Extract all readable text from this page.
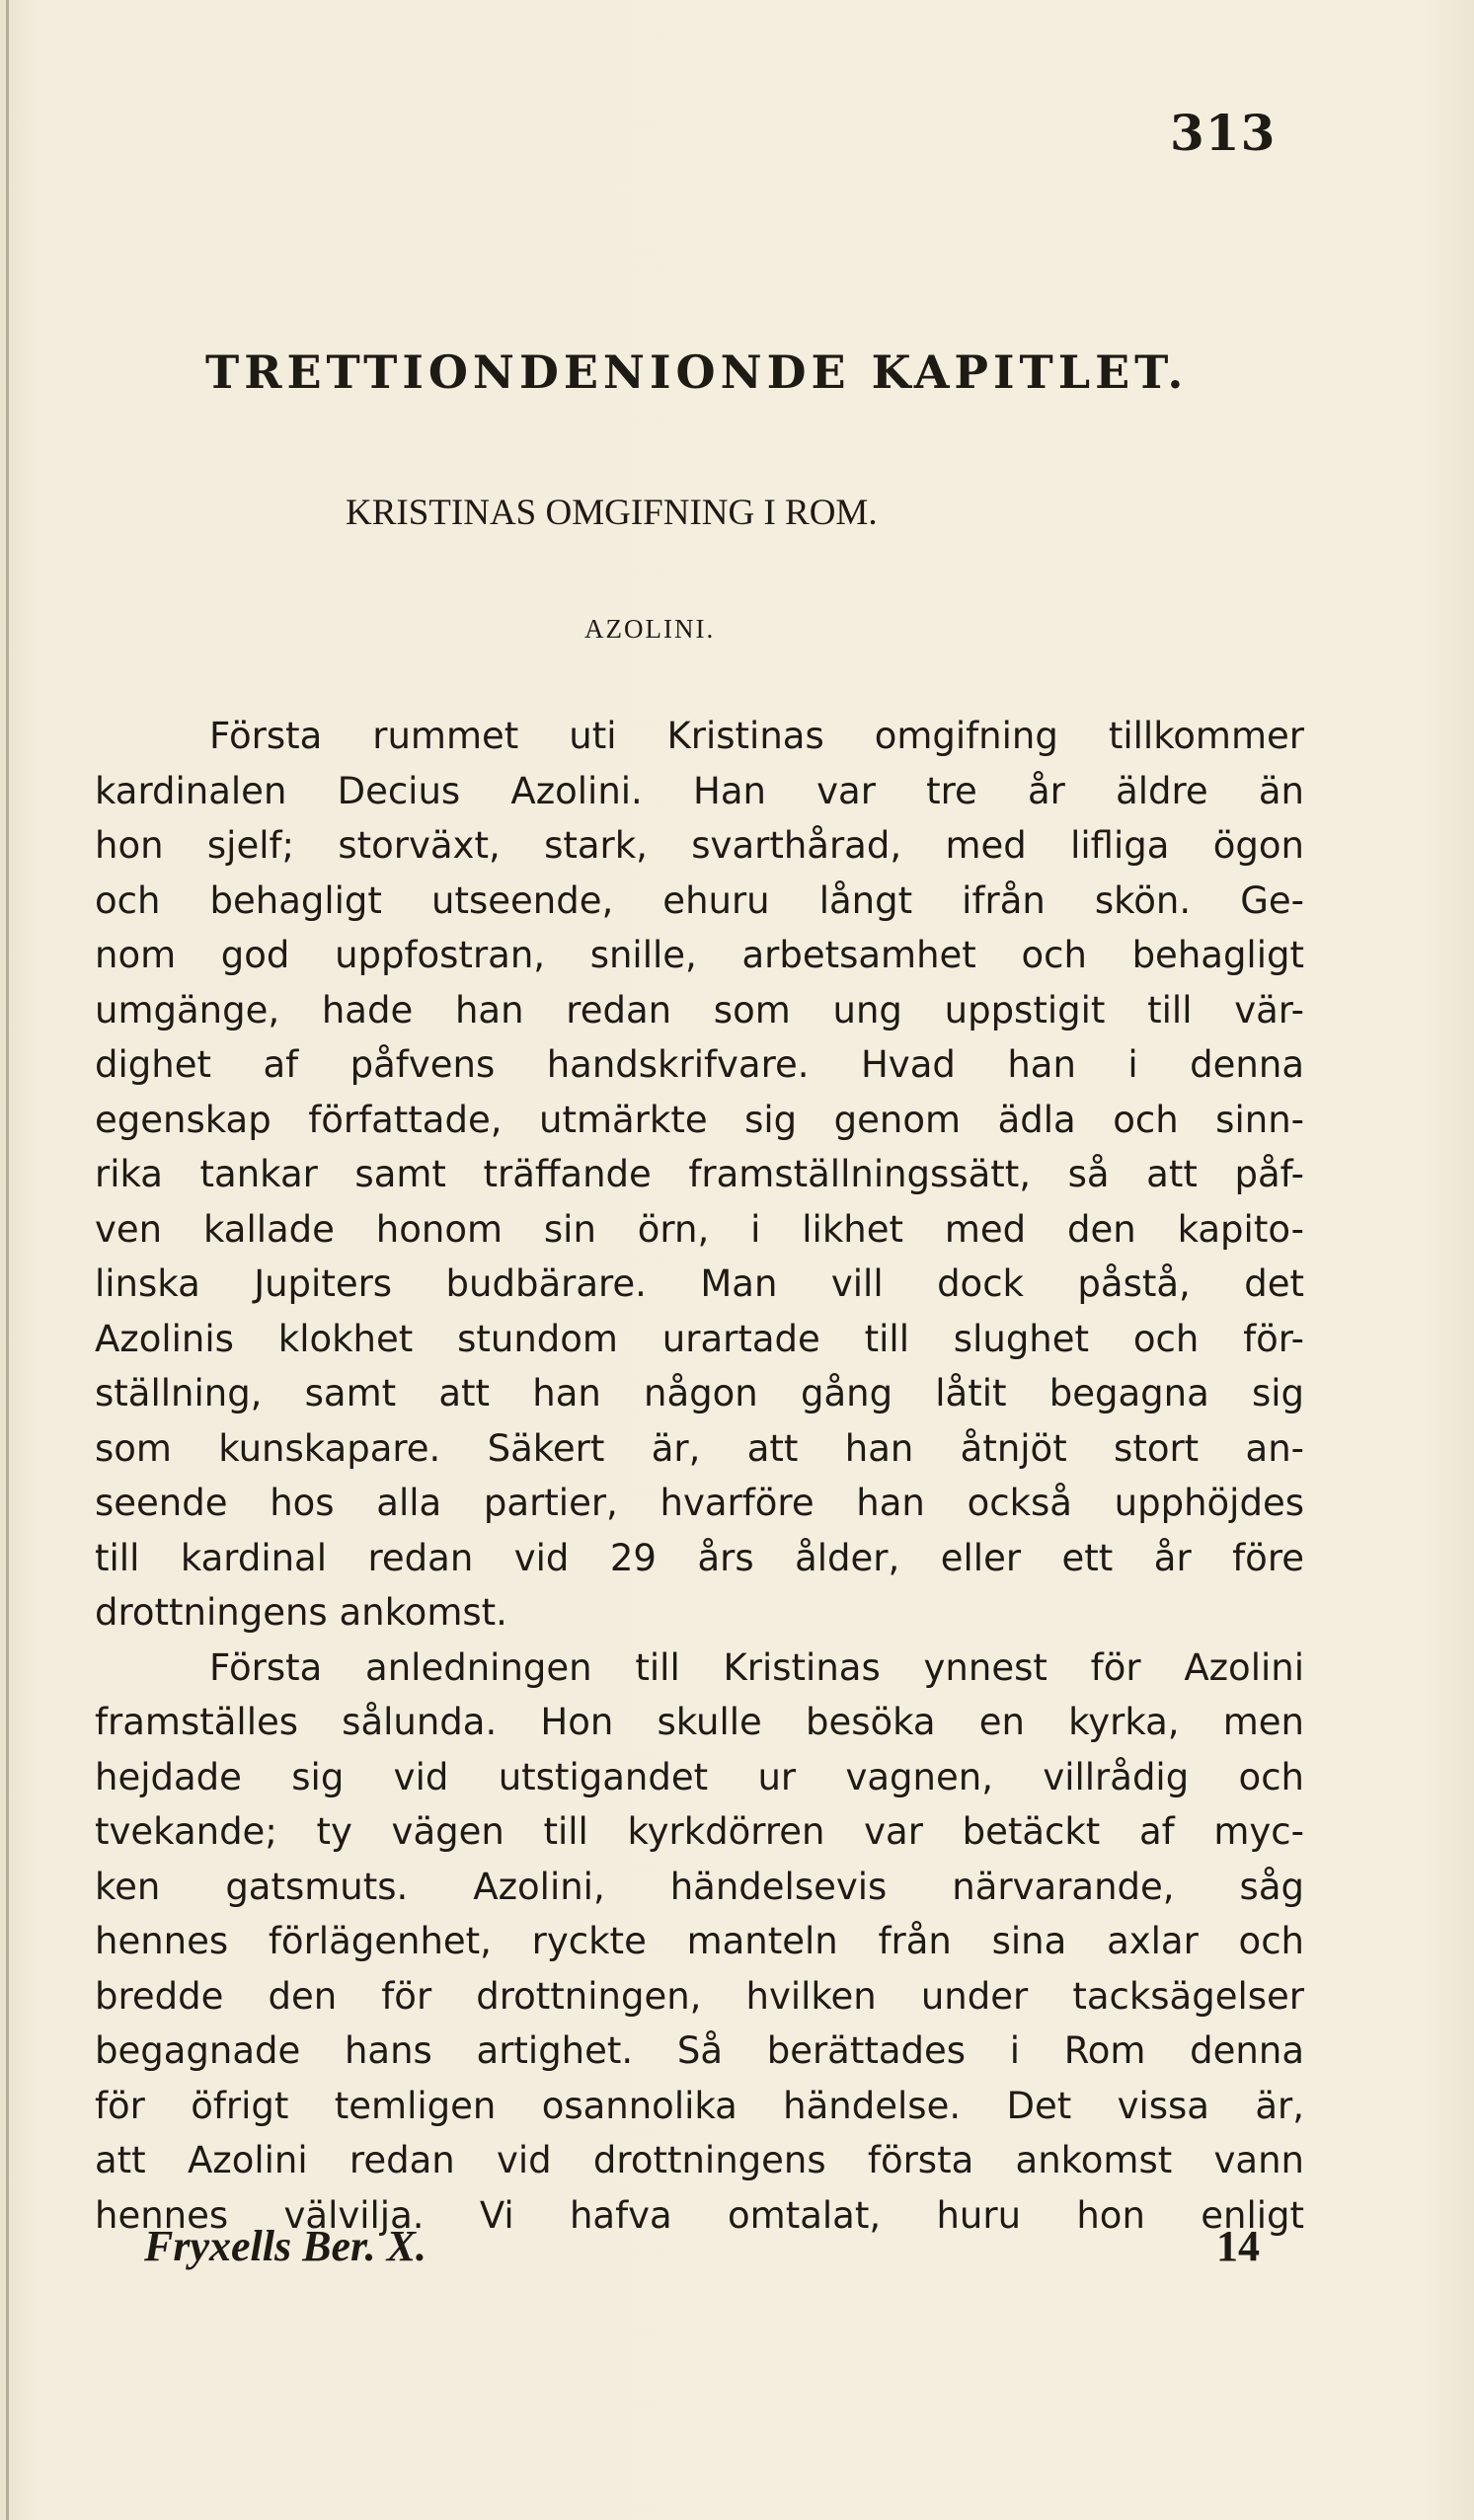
313
TRETTIONDENIONDE KAPITLET.
KRISTINAS OMGIFNING I ROM.
AZOLINI.
Första rummet uti Kristinas omgifning tillkommer
kardinalen Decius Azolini. Han var tre år äldre än
hon sjelf; storväxt, stark, svarthårad, med lifliga ögon
och behagligt utseende, ehuru långt ifrån skön. Ge-
nom god uppfostran, snille, arbetsamhet och behagligt
umgänge, hade han redan som ung uppstigit till vär-
dighet af påfvens handskrifvare. Hvad han i denna
egenskap författade, utmärkte sig genom ädla och sinn-
rika tankar samt träffande framställningssätt, så att påf-
ven kallade honom sin örn, i likhet med den kapito-
linska Jupiters budbärare. Man vill dock påstå, det
Azolinis klokhet stundom urartade till slughet och för-
ställning, samt att han någon gång låtit begagna sig
som kunskapare. Säkert är, att han åtnjöt stort an-
seende hos alla partier, hvarföre han också upphöjdes
till kardinal redan vid 29 års ålder, eller ett år före
drottningens ankomst.
Första anledningen till Kristinas ynnest för Azolini
framställes sålunda. Hon skulle besöka en kyrka, men
hejdade sig vid utstigandet ur vagnen, villrådig och
tvekande; ty vägen till kyrkdörren var betäckt af myc-
ken gatsmuts. Azolini, händelsevis närvarande, såg
hennes förlägenhet, ryckte manteln från sina axlar och
bredde den för drottningen, hvilken under tacksägelser
begagnade hans artighet. Så berättades i Rom denna
för öfrigt temligen osannolika händelse. Det vissa är,
att Azolini redan vid drottningens första ankomst vann
hennes välvilja. Vi hafva omtalat, huru hon enligt
Fryxells Ber. X.	14
